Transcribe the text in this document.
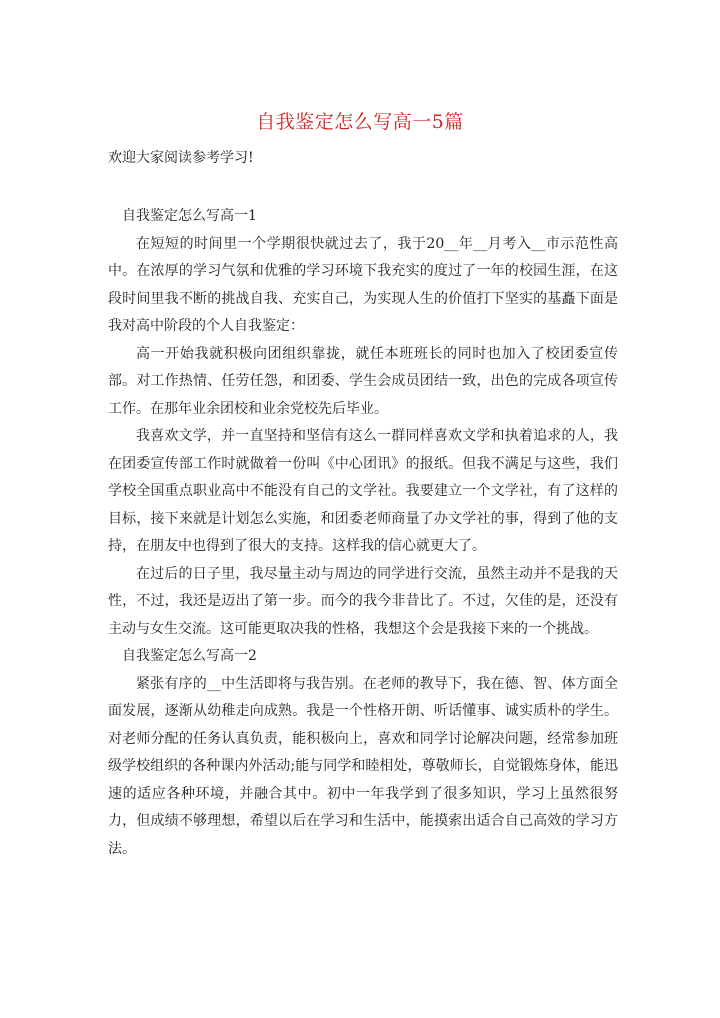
自我鉴定怎么写高一5篇
欢迎大家阅读参考学习!

自我鉴定怎么写高一1

在短短的时间里一个学期很快就过去了，我于20__年__月考入__市示范性高中。在浓厚的学习气氛和优雅的学习环境下我充实的度过了一年的校园生涯，在这段时间里我不断的挑战自我、充实自己，为实现人生的价值打下坚实的基矗下面是我对高中阶段的个人自我鉴定：

高一开始我就积极向团组织靠拢，就任本班班长的同时也加入了校团委宣传部。对工作热情、任劳任怨，和团委、学生会成员团结一致，出色的完成各项宣传工作。在那年业余团校和业余党校先后毕业。

我喜欢文学，并一直坚持和坚信有这么一群同样喜欢文学和执着追求的人，我在团委宣传部工作时就做着一份叫《中心团讯》的报纸。但我不满足与这些，我们学校全国重点职业高中不能没有自己的文学社。我要建立一个文学社，有了这样的目标，接下来就是计划怎么实施，和团委老师商量了办文学社的事，得到了他的支持，在朋友中也得到了很大的支持。这样我的信心就更大了。

在过后的日子里，我尽量主动与周边的同学进行交流，虽然主动并不是我的天性，不过，我还是迈出了第一步。而今的我今非昔比了。不过，欠佳的是，还没有主动与女生交流。这可能更取决我的性格，我想这个会是我接下来的一个挑战。

自我鉴定怎么写高一2

紧张有序的__中生活即将与我告别。在老师的教导下，我在德、智、体方面全面发展，逐渐从幼稚走向成熟。我是一个性格开朗、听话懂事、诚实质朴的学生。对老师分配的任务认真负责，能积极向上，喜欢和同学讨论解决问题，经常参加班级学校组织的各种课内外活动;能与同学和睦相处，尊敬师长，自觉锻炼身体，能迅速的适应各种环境，并融合其中。初中一年我学到了很多知识，学习上虽然很努力，但成绩不够理想，希望以后在学习和生活中，能摸索出适合自己高效的学习方法。
